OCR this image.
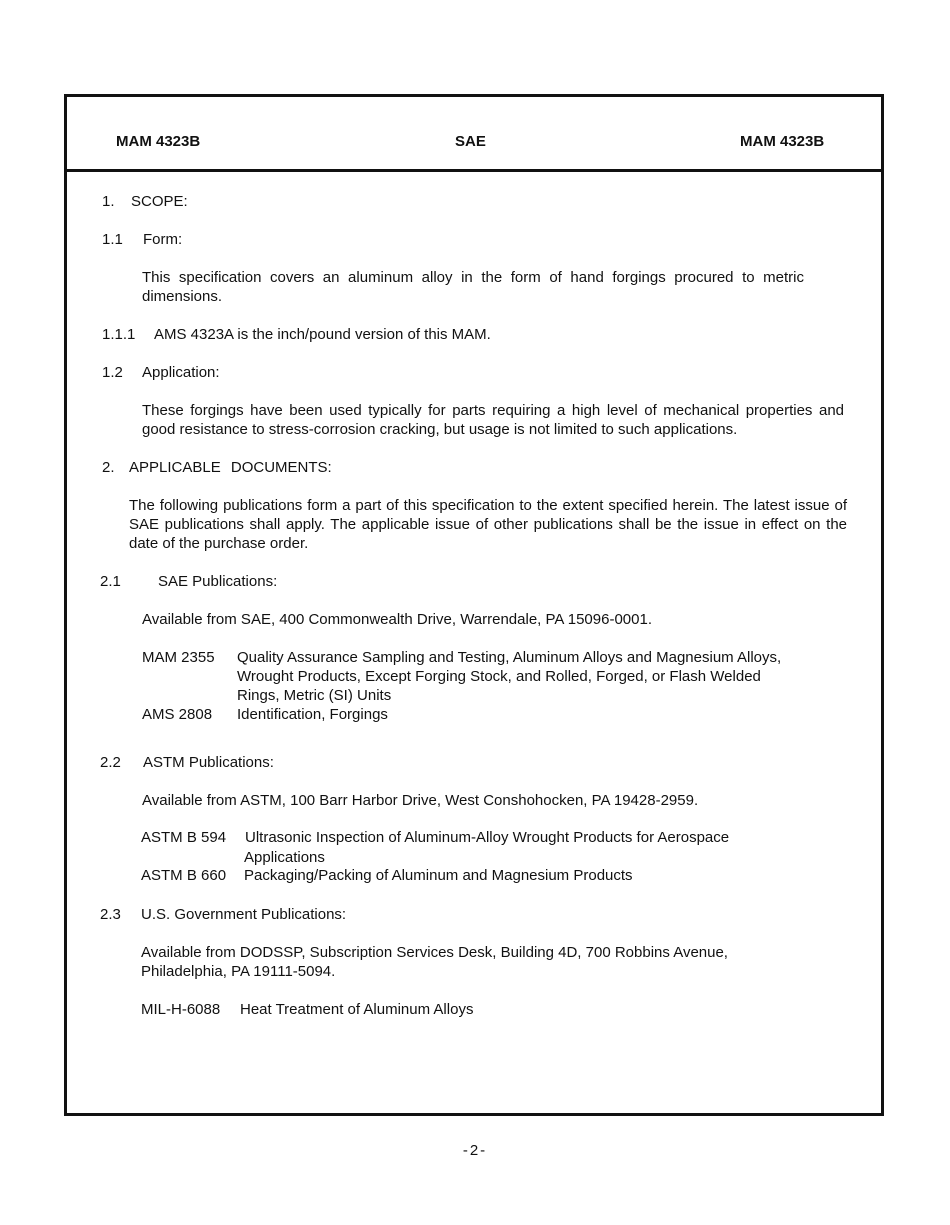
MAM 4323B	SAE	MAM 4323B
1. SCOPE:
1.1 Form:
This specification covers an aluminum alloy in the form of hand forgings procured to metric dimensions.
1.1.1 AMS 4323A is the inch/pound version of this MAM.
1.2 Application:
These forgings have been used typically for parts requiring a high level of mechanical properties and good resistance to stress-corrosion cracking, but usage is not limited to such applications.
2. APPLICABLE DOCUMENTS:
The following publications form a part of this specification to the extent specified herein. The latest issue of SAE publications shall apply. The applicable issue of other publications shall be the issue in effect on the date of the purchase order.
2.1 SAE Publications:
Available from SAE, 400 Commonwealth Drive, Warrendale, PA 15096-0001.
MAM 2355 Quality Assurance Sampling and Testing, Aluminum Alloys and Magnesium Alloys,
Wrought Products, Except Forging Stock, and Rolled, Forged, or Flash Welded
Rings, Metric (SI) Units
AMS 2808 Identification, Forgings
2.2 ASTM Publications:
Available from ASTM, 100 Barr Harbor Drive, West Conshohocken, PA 19428-2959.
ASTM B 594 Ultrasonic Inspection of Aluminum-Alloy Wrought Products for Aerospace
Applications
ASTM B 660 Packaging/Packing of Aluminum and Magnesium Products
2.3 U.S. Government Publications:
Available from DODSSP, Subscription Services Desk, Building 4D, 700 Robbins Avenue, Philadelphia, PA 19111-5094.
MIL-H-6088 Heat Treatment of Aluminum Alloys
-2-
